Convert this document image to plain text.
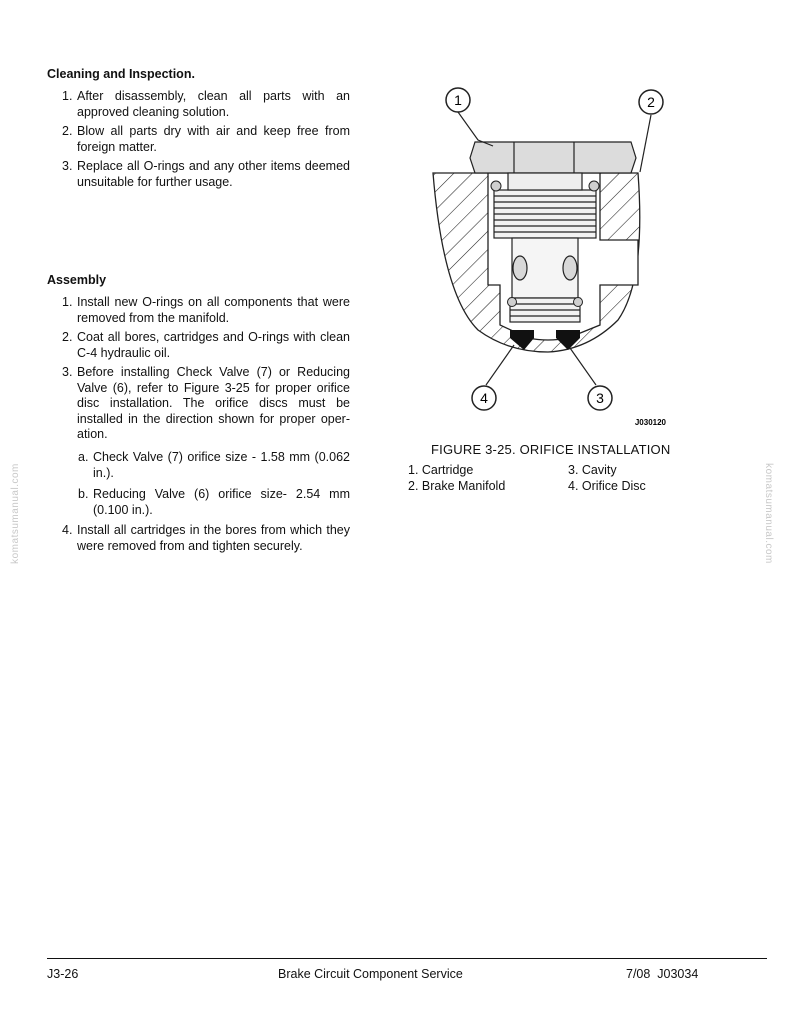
Cleaning and Inspection.
1. After disassembly, clean all parts with an approved cleaning solution.
2. Blow all parts dry with air and keep free from foreign matter.
3. Replace all O-rings and any other items deemed unsuitable for further usage.
Assembly
1. Install new O-rings on all components that were removed from the manifold.
2. Coat all bores, cartridges and O-rings with clean C-4 hydraulic oil.
3. Before installing Check Valve (7) or Reducing Valve (6), refer to Figure 3-25 for proper orifice disc installation. The orifice discs must be installed in the direction shown for proper oper-ation.
a. Check Valve (7) orifice size - 1.58 mm (0.062 in.).
b. Reducing Valve (6) orifice size- 2.54 mm (0.100 in.).
4. Install all cartridges in the bores from which they were removed from and tighten securely.
1	2
3
4
J030120
FIGURE 3-25. ORIFICE INSTALLATION
1. Cartridge
2. Brake Manifold
3. Cavity
4. Orifice Disc
komatsumanual.com	komatsumanual.com
J3-26	Brake Circuit Component Service	7/08  J03034
